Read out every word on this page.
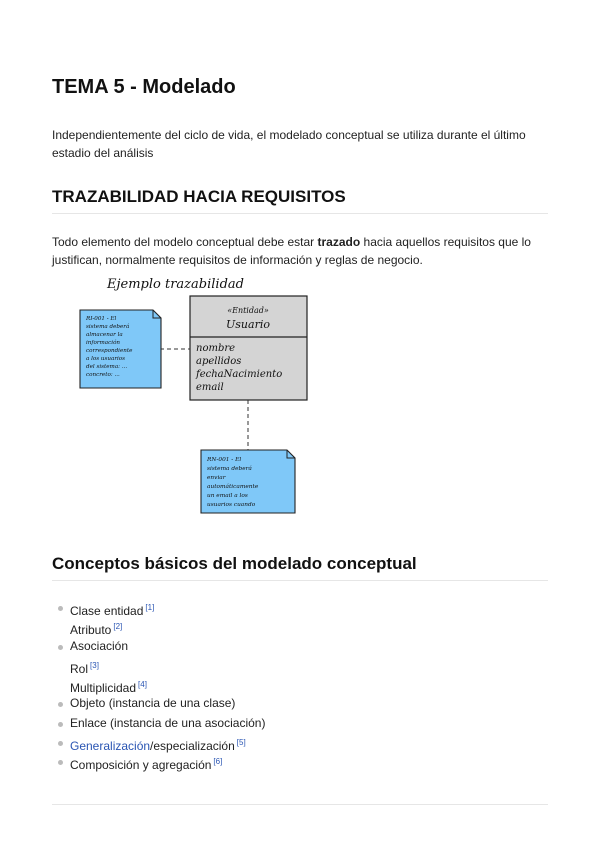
TEMA 5 - Modelado

Independientemente del ciclo de vida, el modelado conceptual se utiliza durante el último estadio del análisis

TRAZABILIDAD HACIA REQUISITOS

Todo elemento del modelo conceptual debe estar trazado hacia aquellos requisitos que lo justifican, normalmente requisitos de información y reglas de negocio.

Ejemplo trazabilidad
«Entidad»
Usuario
nombre
apellidos
fechaNacimiento
email
RI-001 - El
sistema deberá
almacenar la
información
correspondiente
a los usuarios
del sistema: ...
concreto: ...
RN-001 - El
sistema deberá
enviar
automáticamente
un email a los
usuarios cuando
Conceptos básicos del modelado conceptual
Clase entidad [1]
Atributo [2]
Asociación
Rol [3]
Multiplicidad [4]
Objeto (instancia de una clase)
Enlace (instancia de una asociación)
Generalización/especialización [5]
Composición y agregación [6]
